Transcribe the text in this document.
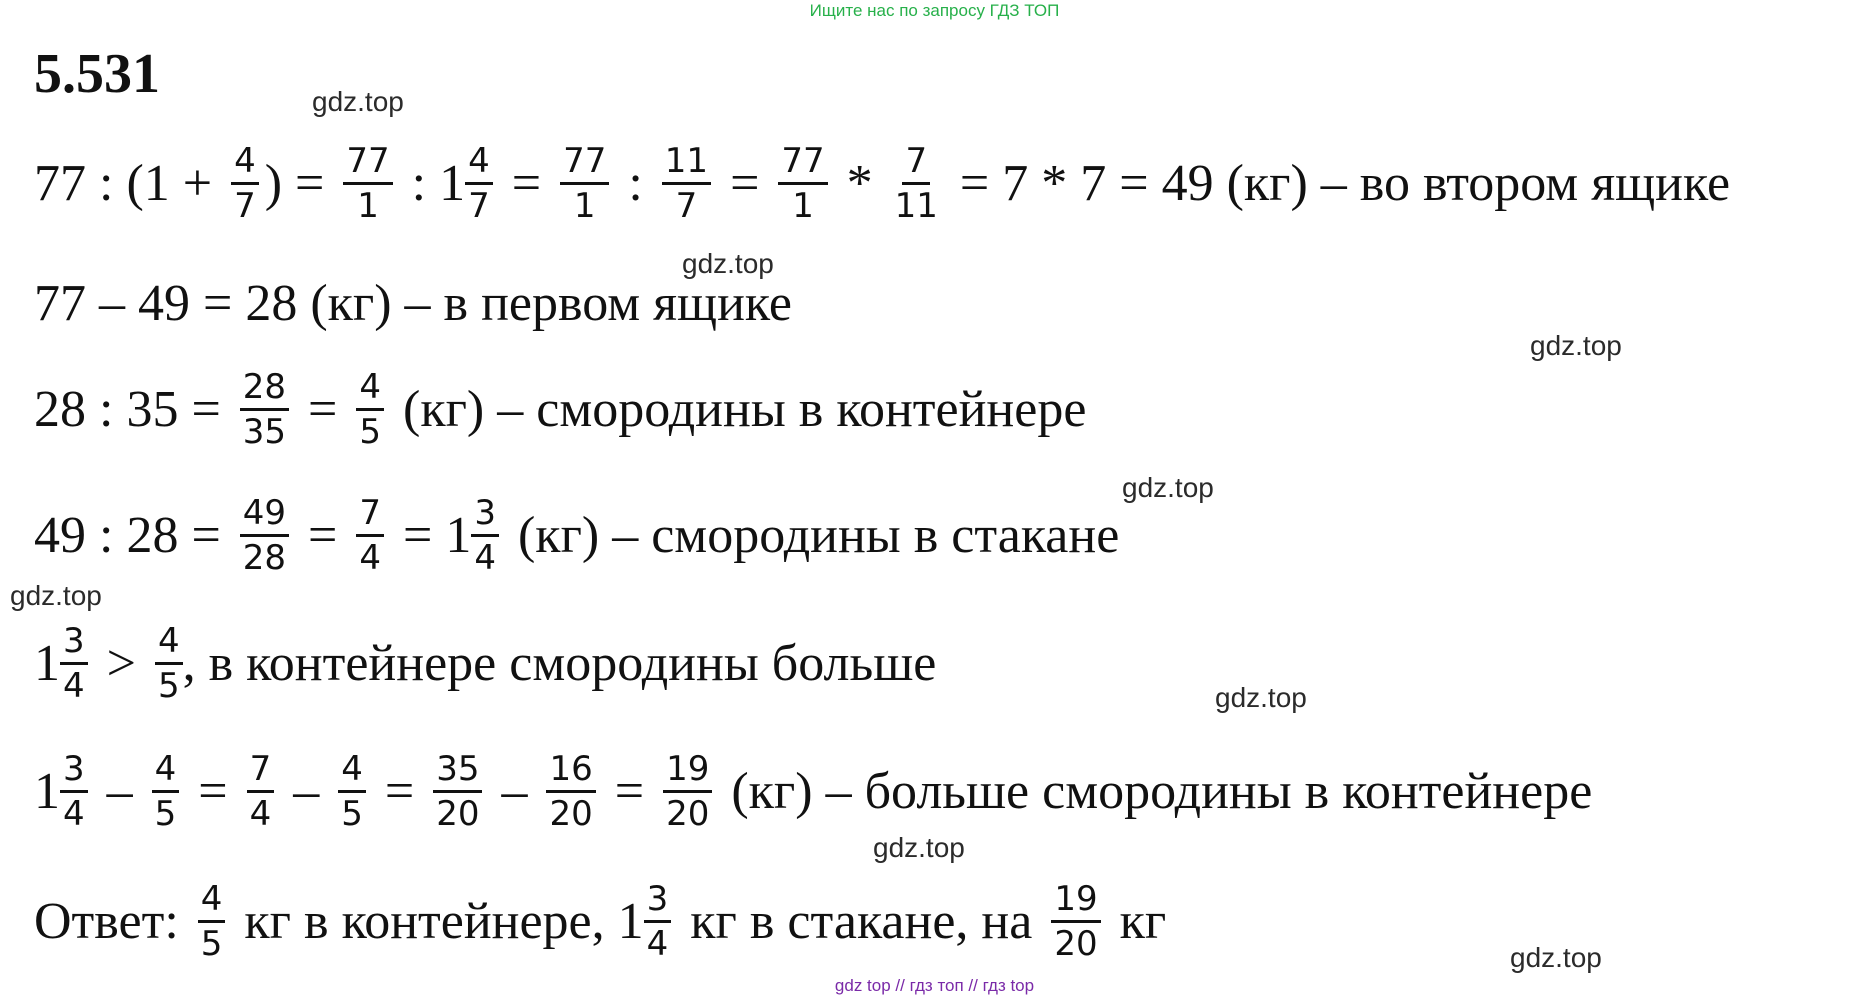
Ищите нас по запросу ГДЗ ТОП
5.531	gdz.top
gdz.top
gdz.top
gdz.top
gdz.top
gdz.top
gdz.top
gdz.top
77 : ($1 + \frac{4}{7}$ ) = $\frac{77}{1}$ : $1 \frac{4}{7} = \frac{77}{1}$ : $\frac{11}{7} = \frac{77}{1} * \frac{7}{11} = 7 * 7 = 49$ (кг) – во втором ящике
77 – 49 = 28 (кг) – в первом ящике
28 : $35 = \frac{28}{35} = \frac{4}{5} (кг)$ – смородины в контейнере
49 : $28 = \frac{49}{28} = \frac{7}{4} = 1 \frac{3}{4} (кг)$ – смородины в стакане
$1 \frac{3}{4} > \frac{4}{5}$ , в контейнере смородины больше
$1 \frac{3}{4} - \frac{4}{5} = \frac{7}{4} - \frac{4}{5} = \frac{35}{20} - \frac{16}{20} = \frac{19}{20} (кг)$ – больше смородины в контейнере
Ответ: $\frac{4}{5}$ кг в контейнере, $1 \frac{3}{4}$ кг в стакане, на $\frac{19}{20}$ кг
gdz top // гдз топ // гдз top
